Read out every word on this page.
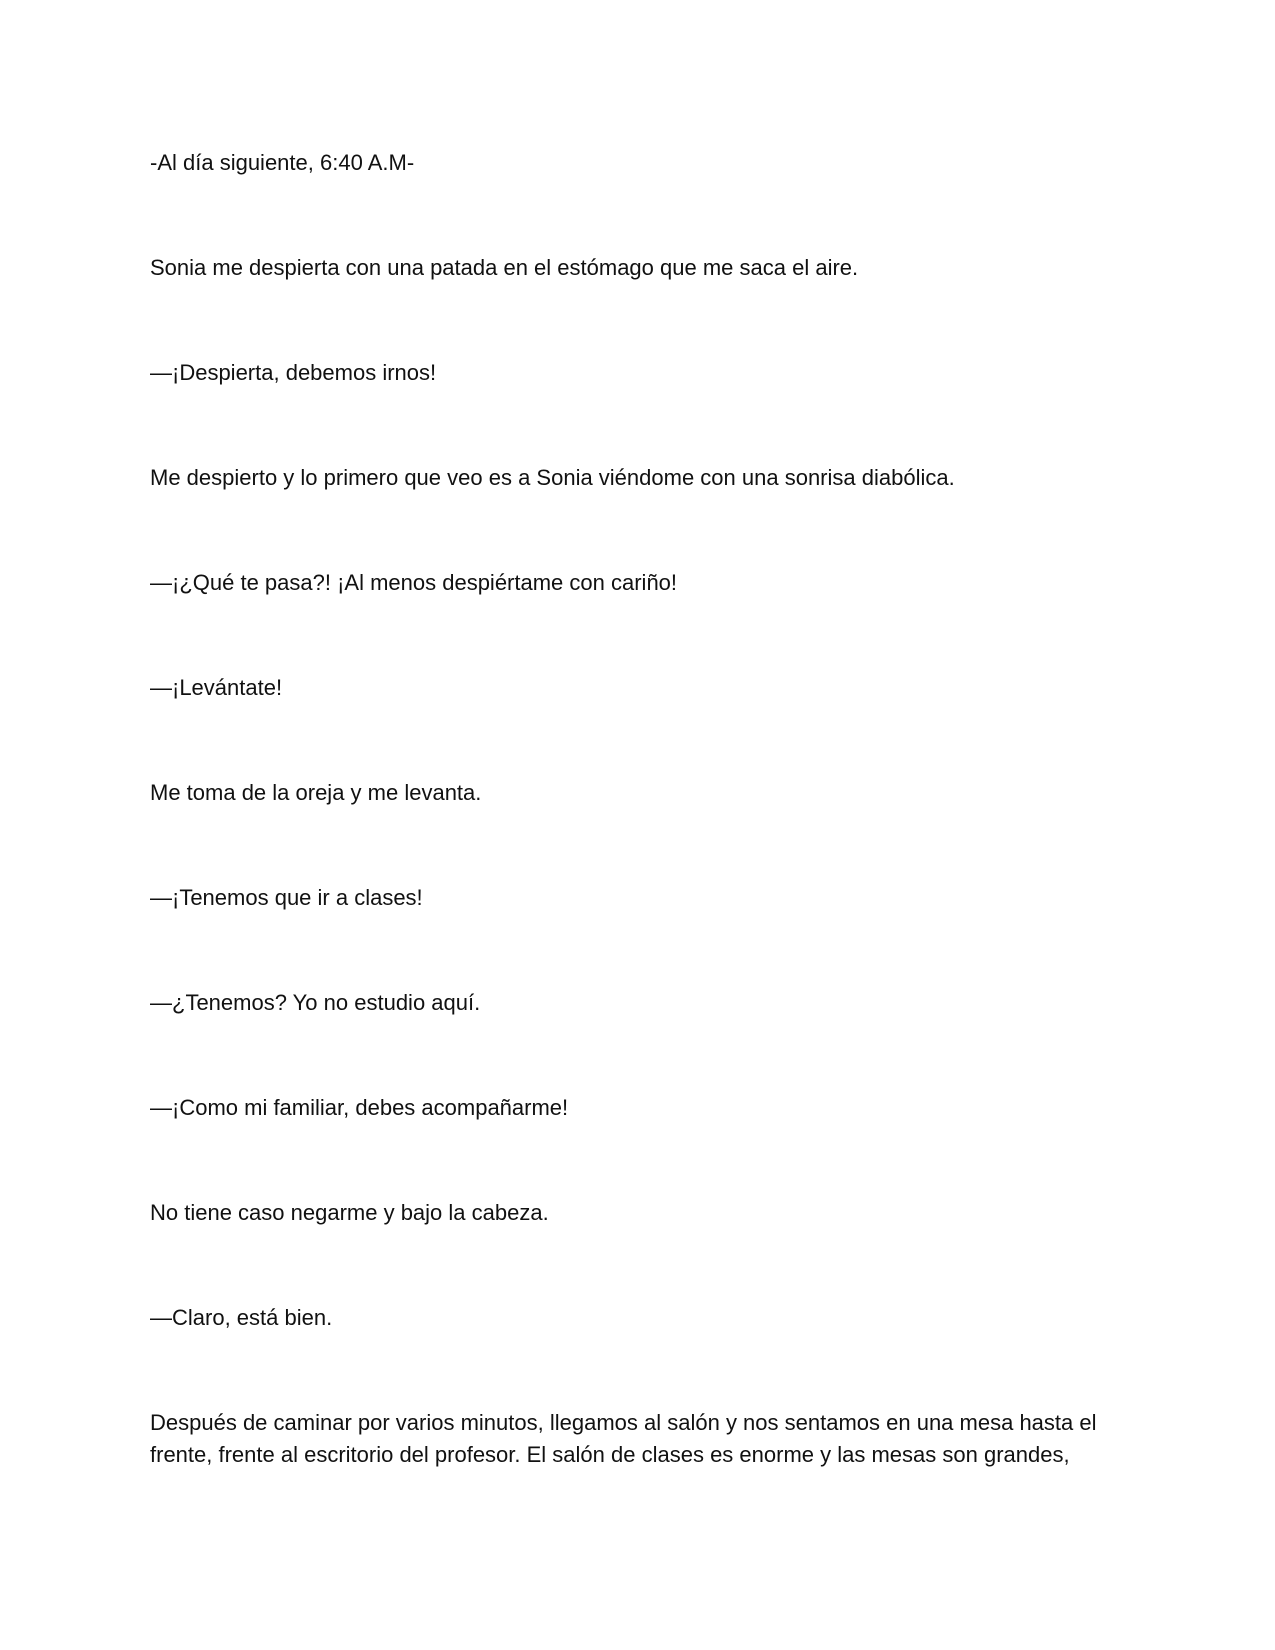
-Al día siguiente, 6:40 A.M-

Sonia me despierta con una patada en el estómago que me saca el aire.

—¡Despierta, debemos irnos!

Me despierto y lo primero que veo es a Sonia viéndome con una sonrisa diabólica.

—¡¿Qué te pasa?! ¡Al menos despiértame con cariño!

—¡Levántate!

Me toma de la oreja y me levanta.

—¡Tenemos que ir a clases!

—¿Tenemos? Yo no estudio aquí.

—¡Como mi familiar, debes acompañarme!

No tiene caso negarme y bajo la cabeza.

—Claro, está bien.

Después de caminar por varios minutos, llegamos al salón y nos sentamos en una mesa hasta el frente, frente al escritorio del profesor. El salón de clases es enorme y las mesas son grandes,
